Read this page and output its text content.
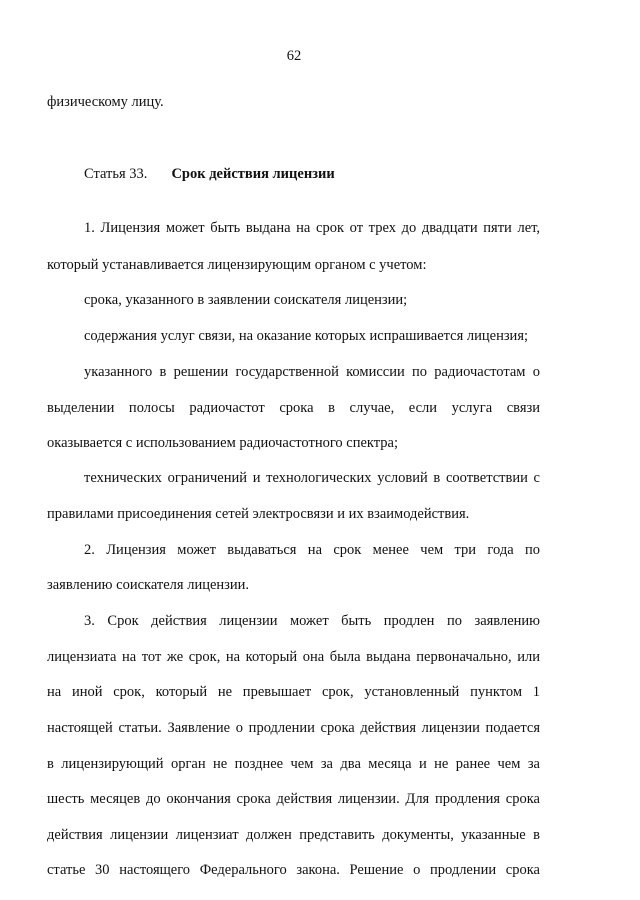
62
физическому лицу.
Статья 33. Срок действия лицензии
1. Лицензия может быть выдана на срок от трех до двадцати пяти лет,
который устанавливается лицензирующим органом с учетом:
срока, указанного в заявлении соискателя лицензии;
содержания услуг связи, на оказание которых испрашивается лицензия;
указанного в решении государственной комиссии по радиочастотам о
выделении полосы радиочастот срока в случае, если услуга связи
оказывается с использованием радиочастотного спектра;
технических ограничений и технологических условий в соответствии с
правилами присоединения сетей электросвязи и их взаимодействия.
2. Лицензия может выдаваться на срок менее чем три года по
заявлению соискателя лицензии.
3. Срок действия лицензии может быть продлен по заявлению
лицензиата на тот же срок, на который она была выдана первоначально, или
на иной срок, который не превышает срок, установленный пунктом 1
настоящей статьи. Заявление о продлении срока действия лицензии подается
в лицензирующий орган не позднее чем за два месяца и не ранее чем за
шесть месяцев до окончания срока действия лицензии. Для продления срока
действия лицензии лицензиат должен представить документы, указанные в
статье 30 настоящего Федерального закона. Решение о продлении срока
